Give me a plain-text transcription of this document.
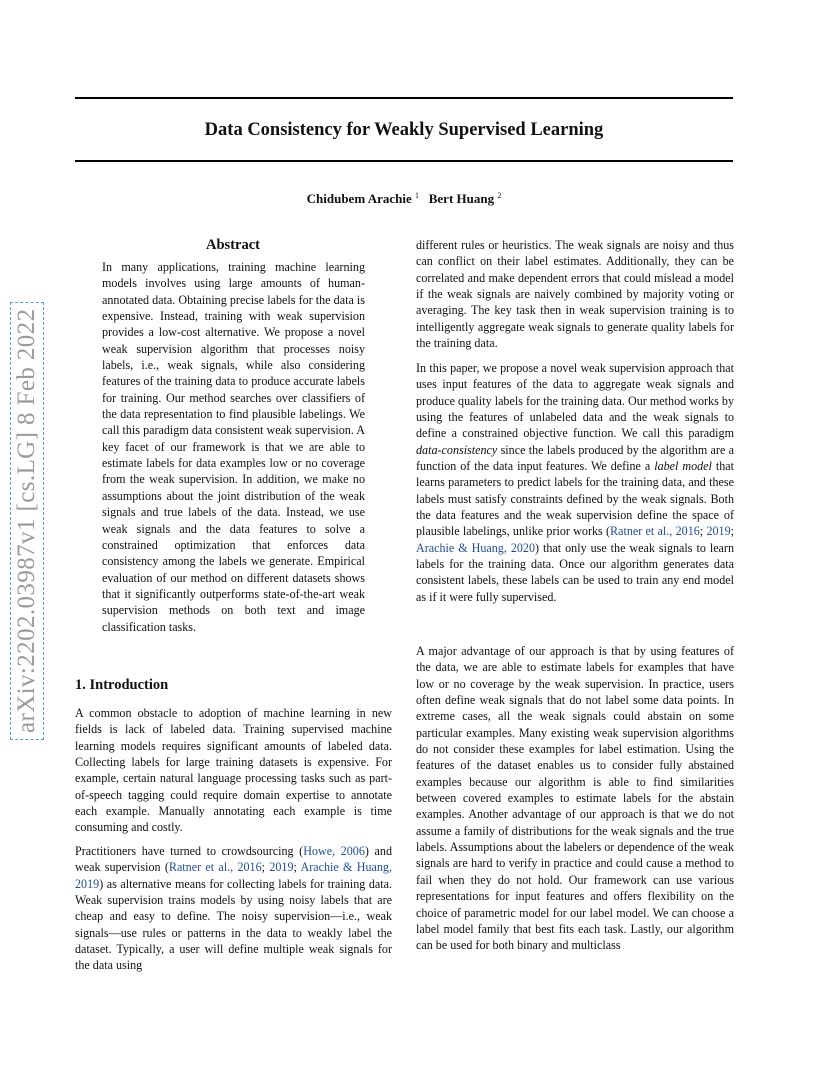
Data Consistency for Weakly Supervised Learning
Chidubem Arachie $^1$ Bert Huang $^2$
arXiv:2202.03987v1 [cs.LG] 8 Feb 2022
Abstract

In many applications, training machine learning models involves using large amounts of human-annotated data. Obtaining precise labels for the data is expensive. Instead, training with weak supervision provides a low-cost alternative. We propose a novel weak supervision algorithm that processes noisy labels, i.e., weak signals, while also considering features of the training data to produce accurate labels for training. Our method searches over classifiers of the data representation to find plausible labelings. We call this paradigm data consistent weak supervision. A key facet of our framework is that we are able to estimate labels for data examples low or no coverage from the weak supervision. In addition, we make no assumptions about the joint distribution of the weak signals and true labels of the data. Instead, we use weak signals and the data features to solve a constrained optimization that enforces data consistency among the labels we generate. Empirical evaluation of our method on different datasets shows that it significantly outperforms state-of-the-art weak supervision methods on both text and image classification tasks.

1. Introduction

A common obstacle to adoption of machine learning in new fields is lack of labeled data. Training supervised machine learning models requires significant amounts of labeled data. Collecting labels for large training datasets is expensive. For example, certain natural language processing tasks such as part-of-speech tagging could require domain expertise to annotate each example. Manually annotating each example is time consuming and costly.

Practitioners have turned to crowdsourcing (Howe, 2006) and weak supervision (Ratner et al., 2016; 2019; Arachie & Huang, 2019) as alternative means for collecting labels for training data. Weak supervision trains models by using noisy labels that are cheap and easy to define. The noisy supervision—i.e., weak signals—use rules or patterns in the data to weakly label the dataset. Typically, a user will define multiple weak signals for the data using

different rules or heuristics. The weak signals are noisy and thus can conflict on their label estimates. Additionally, they can be correlated and make dependent errors that could mislead a model if the weak signals are naively combined by majority voting or averaging. The key task then in weak supervision training is to intelligently aggregate weak signals to generate quality labels for the training data.

In this paper, we propose a novel weak supervision approach that uses input features of the data to aggregate weak signals and produce quality labels for the training data. Our method works by using the features of unlabeled data and the weak signals to define a constrained objective function. We call this paradigm data-consistency since the labels produced by the algorithm are a function of the data input features. We define a label model that learns parameters to predict labels for the training data, and these labels must satisfy constraints defined by the weak signals. Both the data features and the weak supervision define the space of plausible labelings, unlike prior works (Ratner et al., 2016; 2019; Arachie & Huang, 2020) that only use the weak signals to learn labels for the training data. Once our algorithm generates data consistent labels, these labels can be used to train any end model as if it were fully supervised.

A major advantage of our approach is that by using features of the data, we are able to estimate labels for examples that have low or no coverage by the weak supervision. In practice, users often define weak signals that do not label some data points. In extreme cases, all the weak signals could abstain on some particular examples. Many existing weak supervision algorithms do not consider these examples for label estimation. Using the features of the dataset enables us to consider fully abstained examples because our algorithm is able to find similarities between covered examples to estimate labels for the abstain examples. Another advantage of our approach is that we do not assume a family of distributions for the weak signals and the true labels. Assumptions about the labelers or dependence of the weak signals are hard to verify in practice and could cause a method to fail when they do not hold. Our framework can use various representations for input features and offers flexibility on the choice of parametric model for our label model. We can choose a label model family that best fits each task. Lastly, our algorithm can be used for both binary and multiclass
